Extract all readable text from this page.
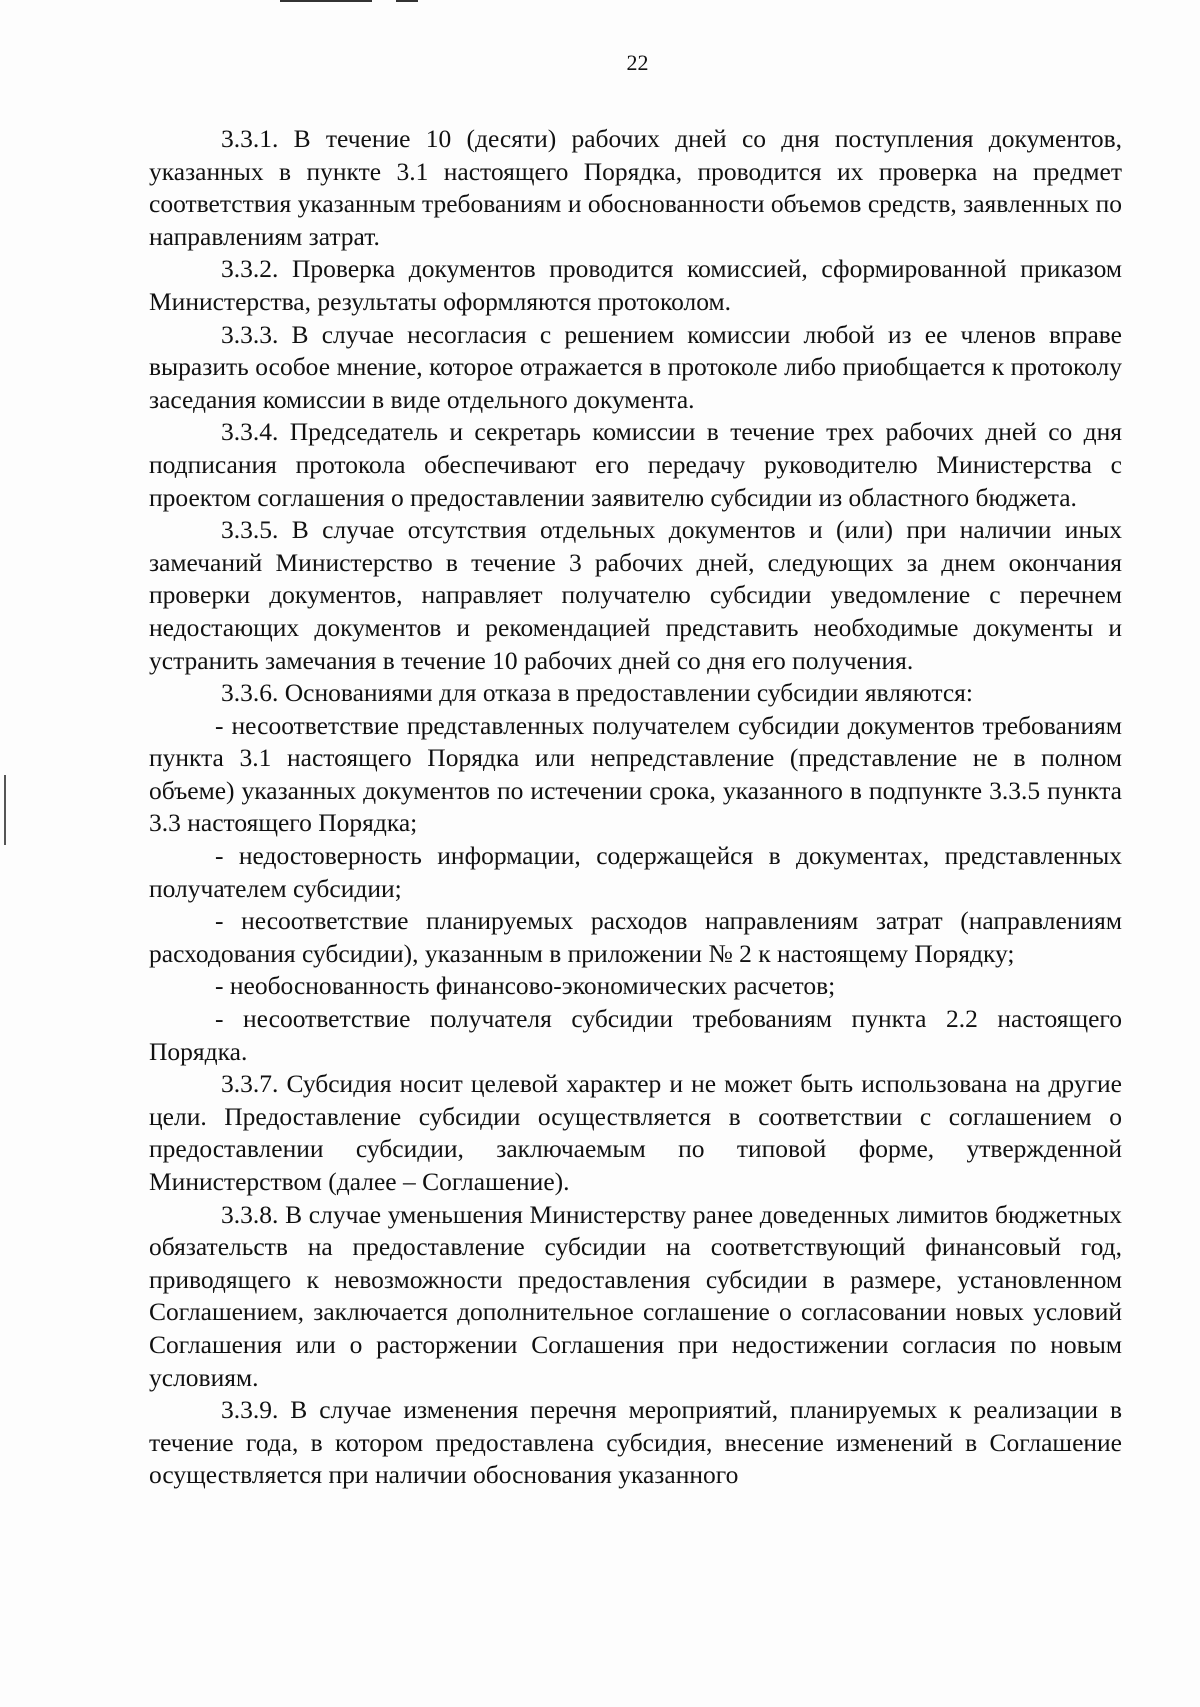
22

3.3.1. В течение 10 (десяти) рабочих дней со дня поступления документов, указанных в пункте 3.1 настоящего Порядка, проводится их проверка на предмет соответствия указанным требованиям и обоснованности объемов средств, заявленных по направлениям затрат.

3.3.2. Проверка документов проводится комиссией, сформированной приказом Министерства, результаты оформляются протоколом.

3.3.3. В случае несогласия с решением комиссии любой из ее членов вправе выразить особое мнение, которое отражается в протоколе либо приобщается к протоколу заседания комиссии в виде отдельного документа.

3.3.4. Председатель и секретарь комиссии в течение трех рабочих дней со дня подписания протокола обеспечивают его передачу руководителю Министерства с проектом соглашения о предоставлении заявителю субсидии из областного бюджета.

3.3.5. В случае отсутствия отдельных документов и (или) при наличии иных замечаний Министерство в течение 3 рабочих дней, следующих за днем окончания проверки документов, направляет получателю субсидии уведомление с перечнем недостающих документов и рекомендацией представить необходимые документы и устранить замечания в течение 10 рабочих дней со дня его получения.

3.3.6. Основаниями для отказа в предоставлении субсидии являются:

- несоответствие представленных получателем субсидии документов требованиям пункта 3.1 настоящего Порядка или непредставление (представление не в полном объеме) указанных документов по истечении срока, указанного в подпункте 3.3.5 пункта 3.3 настоящего Порядка;

- недостоверность информации, содержащейся в документах, представленных получателем субсидии;

- несоответствие планируемых расходов направлениям затрат (направлениям расходования субсидии), указанным в приложении № 2 к настоящему Порядку;

- необоснованность финансово-экономических расчетов;

- несоответствие получателя субсидии требованиям пункта 2.2 настоящего Порядка.

3.3.7. Субсидия носит целевой характер и не может быть использована на другие цели. Предоставление субсидии осуществляется в соответствии с соглашением о предоставлении субсидии, заключаемым по типовой форме, утвержденной Министерством (далее – Соглашение).

3.3.8. В случае уменьшения Министерству ранее доведенных лимитов бюджетных обязательств на предоставление субсидии на соответствующий финансовый год, приводящего к невозможности предоставления субсидии в размере, установленном Соглашением, заключается дополнительное соглашение о согласовании новых условий Соглашения или о расторжении Соглашения при недостижении согласия по новым условиям.

3.3.9. В случае изменения перечня мероприятий, планируемых к реализации в течение года, в котором предоставлена субсидия, внесение изменений в Соглашение осуществляется при наличии обоснования указанного
